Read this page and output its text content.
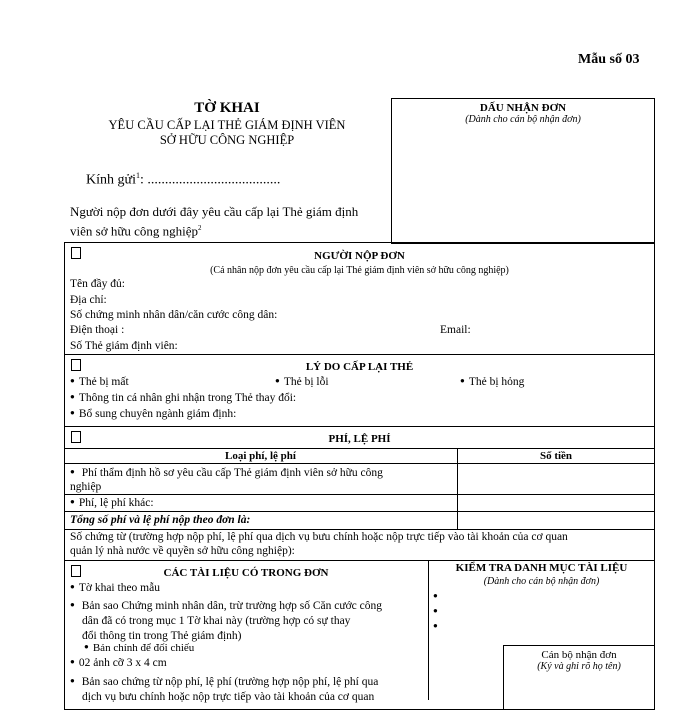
Mẫu số 03
TỜ KHAI
YÊU CẦU CẤP LẠI THẺ GIÁM ĐỊNH VIÊN
SỞ HỮU CÔNG NGHIỆP
Kính gửi$^1$: ......................................
Người nộp đơn dưới đây yêu cầu cấp lại Thẻ giám định
viên sở hữu công nghiệp$^2$
DẤU NHẬN ĐƠN
(Dành cho cán bộ nhận đơn)
NGƯỜI NỘP ĐƠN
(Cá nhân nộp đơn yêu cầu cấp lại Thẻ giám định viên sở hữu công nghiệp)
Tên đầy đủ:
Địa chỉ:
Số chứng minh nhân dân/căn cước công dân:
Điện thoại :	Email:
Số Thẻ giám định viên:
LÝ DO CẤP LẠI THẺ
● Thẻ bị mất	● Thẻ bị lỗi	● Thẻ bị hỏng
● Thông tin cá nhân ghi nhận trong Thẻ thay đổi:
● Bổ sung chuyên ngành giám định:
PHÍ, LỆ PHÍ
Loại phí, lệ phí	Số tiền
● Phí thẩm định hồ sơ yêu cầu cấp Thẻ giám định viên sở hữu công
nghiệp
● Phí, lệ phí khác:
Tổng số phí và lệ phí nộp theo đơn là:
Số chứng từ (trường hợp nộp phí, lệ phí qua dịch vụ bưu chính hoặc nộp trực tiếp vào tài khoản của cơ quan
quản lý nhà nước về quyền sở hữu công nghiệp):
CÁC TÀI LIỆU CÓ TRONG ĐƠN
● Tờ khai theo mẫu
● Bản sao Chứng minh nhân dân, trừ trường hợp số Căn cước công
dân đã có trong mục 1 Tờ khai này (trường hợp có sự thay
đổi thông tin trong Thẻ giám định)
● Bản chính để đối chiếu
● 02 ảnh cỡ 3 x 4 cm
● Bản sao chứng từ nộp phí, lệ phí (trường hợp nộp phí, lệ phí qua
dịch vụ bưu chính hoặc nộp trực tiếp vào tài khoản của cơ quan
KIỂM TRA DANH MỤC TÀI LIỆU
(Dành cho cán bộ nhận đơn)
●
●
●
Cán bộ nhận đơn
(Ký và ghi rõ họ tên)
